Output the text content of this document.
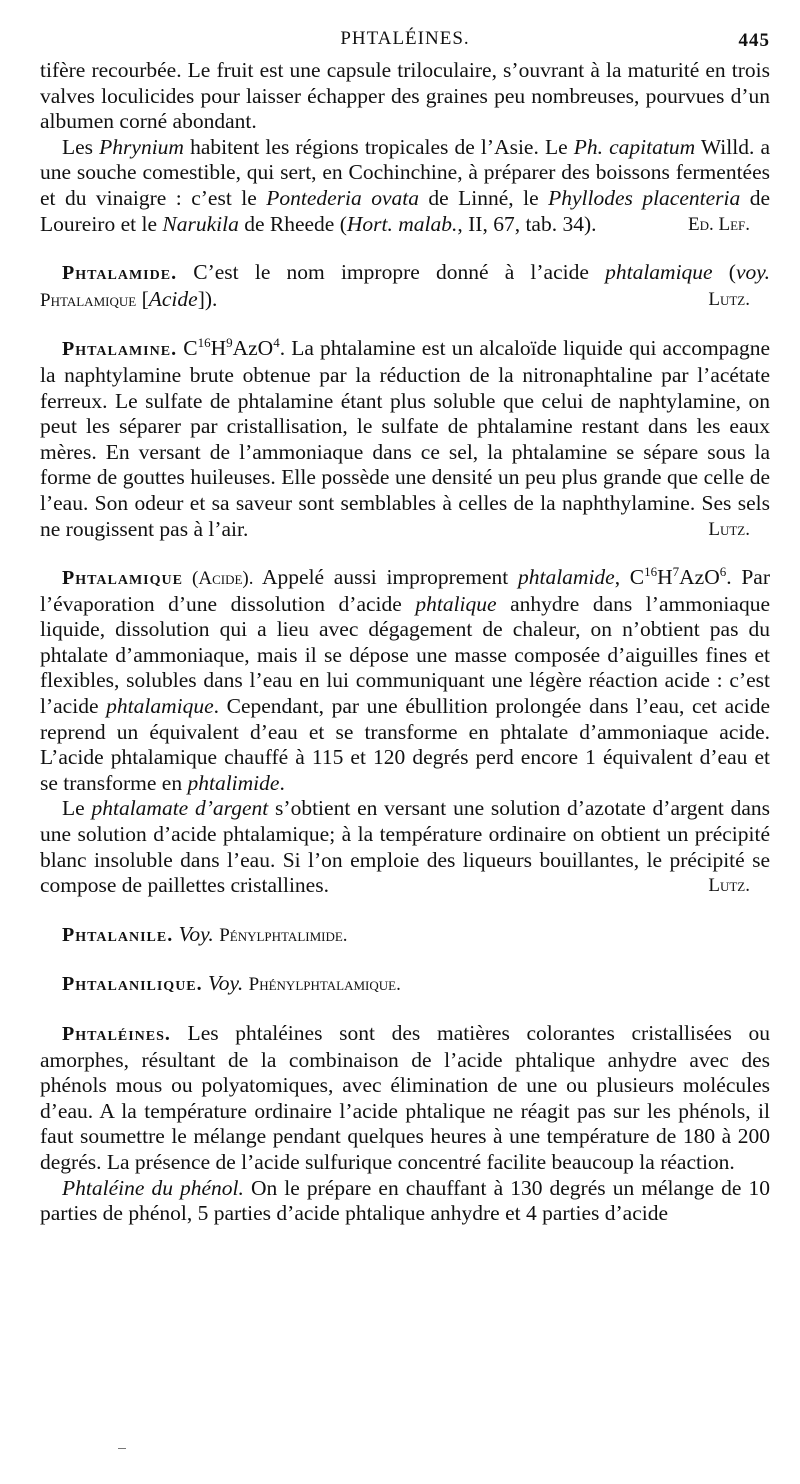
PHTALÉINES.	445

tifère recourbée. Le fruit est une capsule triloculaire, s’ouvrant à la maturité en trois valves loculicides pour laisser échapper des graines peu nombreuses, pourvues d’un albumen corné abondant.

Les Phrynium habitent les régions tropicales de l’Asie. Le Ph. capitatum Willd. a une souche comestible, qui sert, en Cochinchine, à préparer des boissons fermentées et du vinaigre : c’est le Pontederia ovata de Linné, le Phyllodes placenteria de Loureiro et le Narukila de Rheede (Hort. malab., II, 67, tab. 34).	Ed. Lef.

Phtalamide. C’est le nom impropre donné à l’acide phtalamique (voy. Phtalamique [Acide]).	Lutz.

Phtalamine. $C^{16}H^9AzO^4$. La phtalamine est un alcaloïde liquide qui accompagne la naphtylamine brute obtenue par la réduction de la nitronaphtaline par l’acétate ferreux. Le sulfate de phtalamine étant plus soluble que celui de naphtylamine, on peut les séparer par cristallisation, le sulfate de phtalamine restant dans les eaux mères. En versant de l’ammoniaque dans ce sel, la phtalamine se sépare sous la forme de gouttes huileuses. Elle possède une densité un peu plus grande que celle de l’eau. Son odeur et sa saveur sont semblables à celles de la naphthylamine. Ses sels ne rougissent pas à l’air.	Lutz.

Phtalamique (Acide). Appelé aussi improprement phtalamide, $C^{16}H^7AzO^6$. Par l’évaporation d’une dissolution d’acide phtalique anhydre dans l’ammoniaque liquide, dissolution qui a lieu avec dégagement de chaleur, on n’obtient pas du phtalate d’ammoniaque, mais il se dépose une masse composée d’aiguilles fines et flexibles, solubles dans l’eau en lui communiquant une légère réaction acide : c’est l’acide phtalamique. Cependant, par une ébullition prolongée dans l’eau, cet acide reprend un équivalent d’eau et se transforme en phtalate d’ammoniaque acide. L’acide phtalamique chauffé à 115 et 120 degrés perd encore 1 équivalent d’eau et se transforme en phtalimide.

Le phtalamate d’argent s’obtient en versant une solution d’azotate d’argent dans une solution d’acide phtalamique; à la température ordinaire on obtient un précipité blanc insoluble dans l’eau. Si l’on emploie des liqueurs bouillantes, le précipité se compose de paillettes cristallines.	Lutz.

Phtalanile. Voy. Pénylphtalimide.

Phtalanilique. Voy. Phénylphtalamique.

Phtaléines. Les phtaléines sont des matières colorantes cristallisées ou amorphes, résultant de la combinaison de l’acide phtalique anhydre avec des phénols mous ou polyatomiques, avec élimination de une ou plusieurs molécules d’eau. A la température ordinaire l’acide phtalique ne réagit pas sur les phénols, il faut soumettre le mélange pendant quelques heures à une température de 180 à 200 degrés. La présence de l’acide sulfurique concentré facilite beaucoup la réaction.

Phtaléine du phénol. On le prépare en chauffant à 130 degrés un mélange de 10 parties de phénol, 5 parties d’acide phtalique anhydre et 4 parties d’acide
